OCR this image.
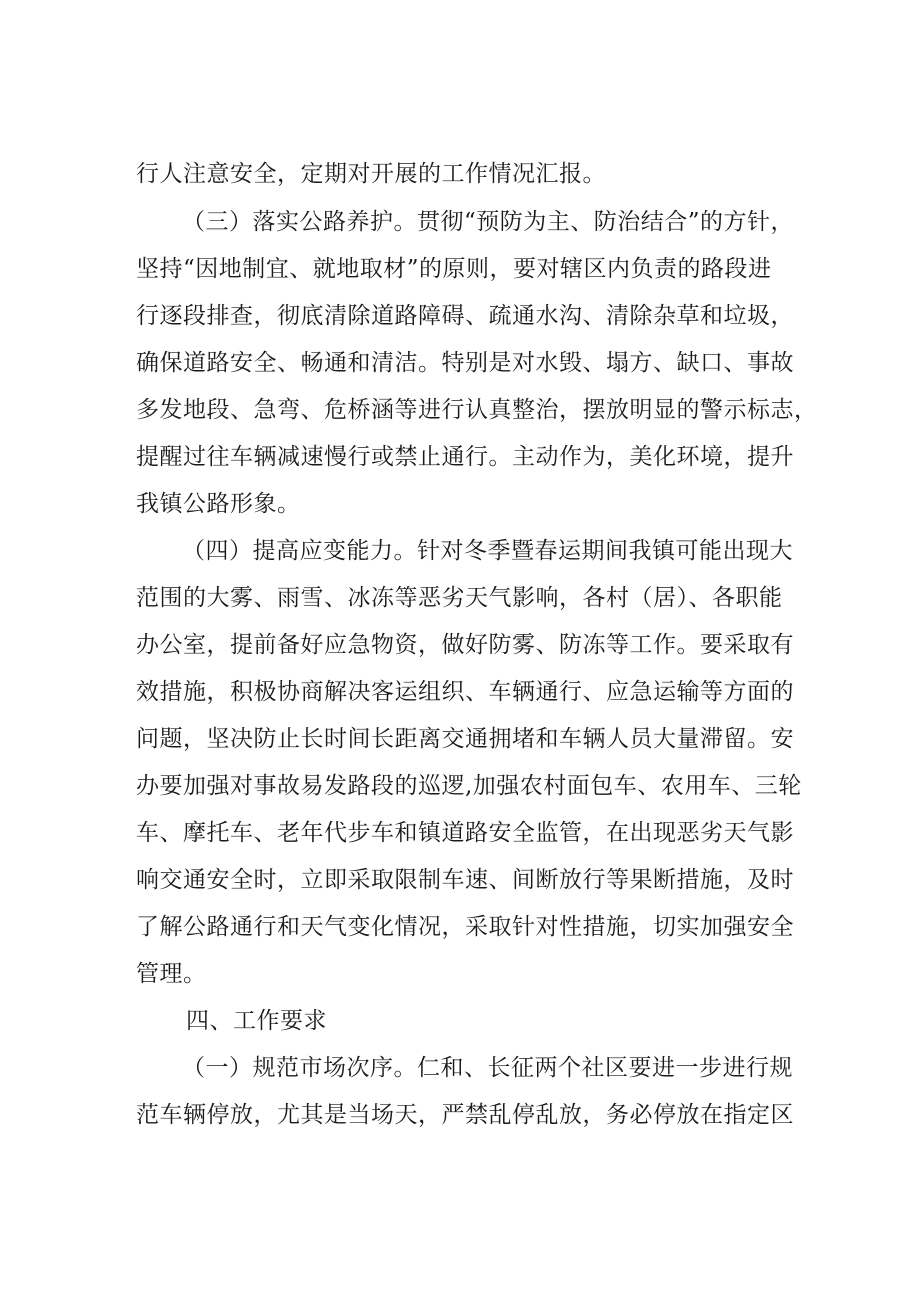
行人注意安全，定期对开展的工作情况汇报。
（三）落实公路养护。贯彻“预防为主、防治结合”的方针，
坚持“因地制宜、就地取材”的原则，要对辖区内负责的路段进
行逐段排查，彻底清除道路障碍、疏通水沟、清除杂草和垃圾，
确保道路安全、畅通和清洁。特别是对水毁、塌方、缺口、事故
多发地段、急弯、危桥涵等进行认真整治，摆放明显的警示标志，
提醒过往车辆减速慢行或禁止通行。主动作为，美化环境，提升
我镇公路形象。
（四）提高应变能力。针对冬季暨春运期间我镇可能出现大
范围的大雾、雨雪、冰冻等恶劣天气影响，各村（居）、各职能
办公室，提前备好应急物资，做好防雾、防冻等工作。要采取有
效措施，积极协商解决客运组织、车辆通行、应急运输等方面的
问题，坚决防止长时间长距离交通拥堵和车辆人员大量滞留。安
办要加强对事故易发路段的巡逻,加强农村面包车、农用车、三轮
车、摩托车、老年代步车和镇道路安全监管，在出现恶劣天气影
响交通安全时，立即采取限制车速、间断放行等果断措施，及时
了解公路通行和天气变化情况，采取针对性措施，切实加强安全
管理。
四、工作要求
（一）规范市场次序。仁和、长征两个社区要进一步进行规
范车辆停放，尤其是当场天，严禁乱停乱放，务必停放在指定区
